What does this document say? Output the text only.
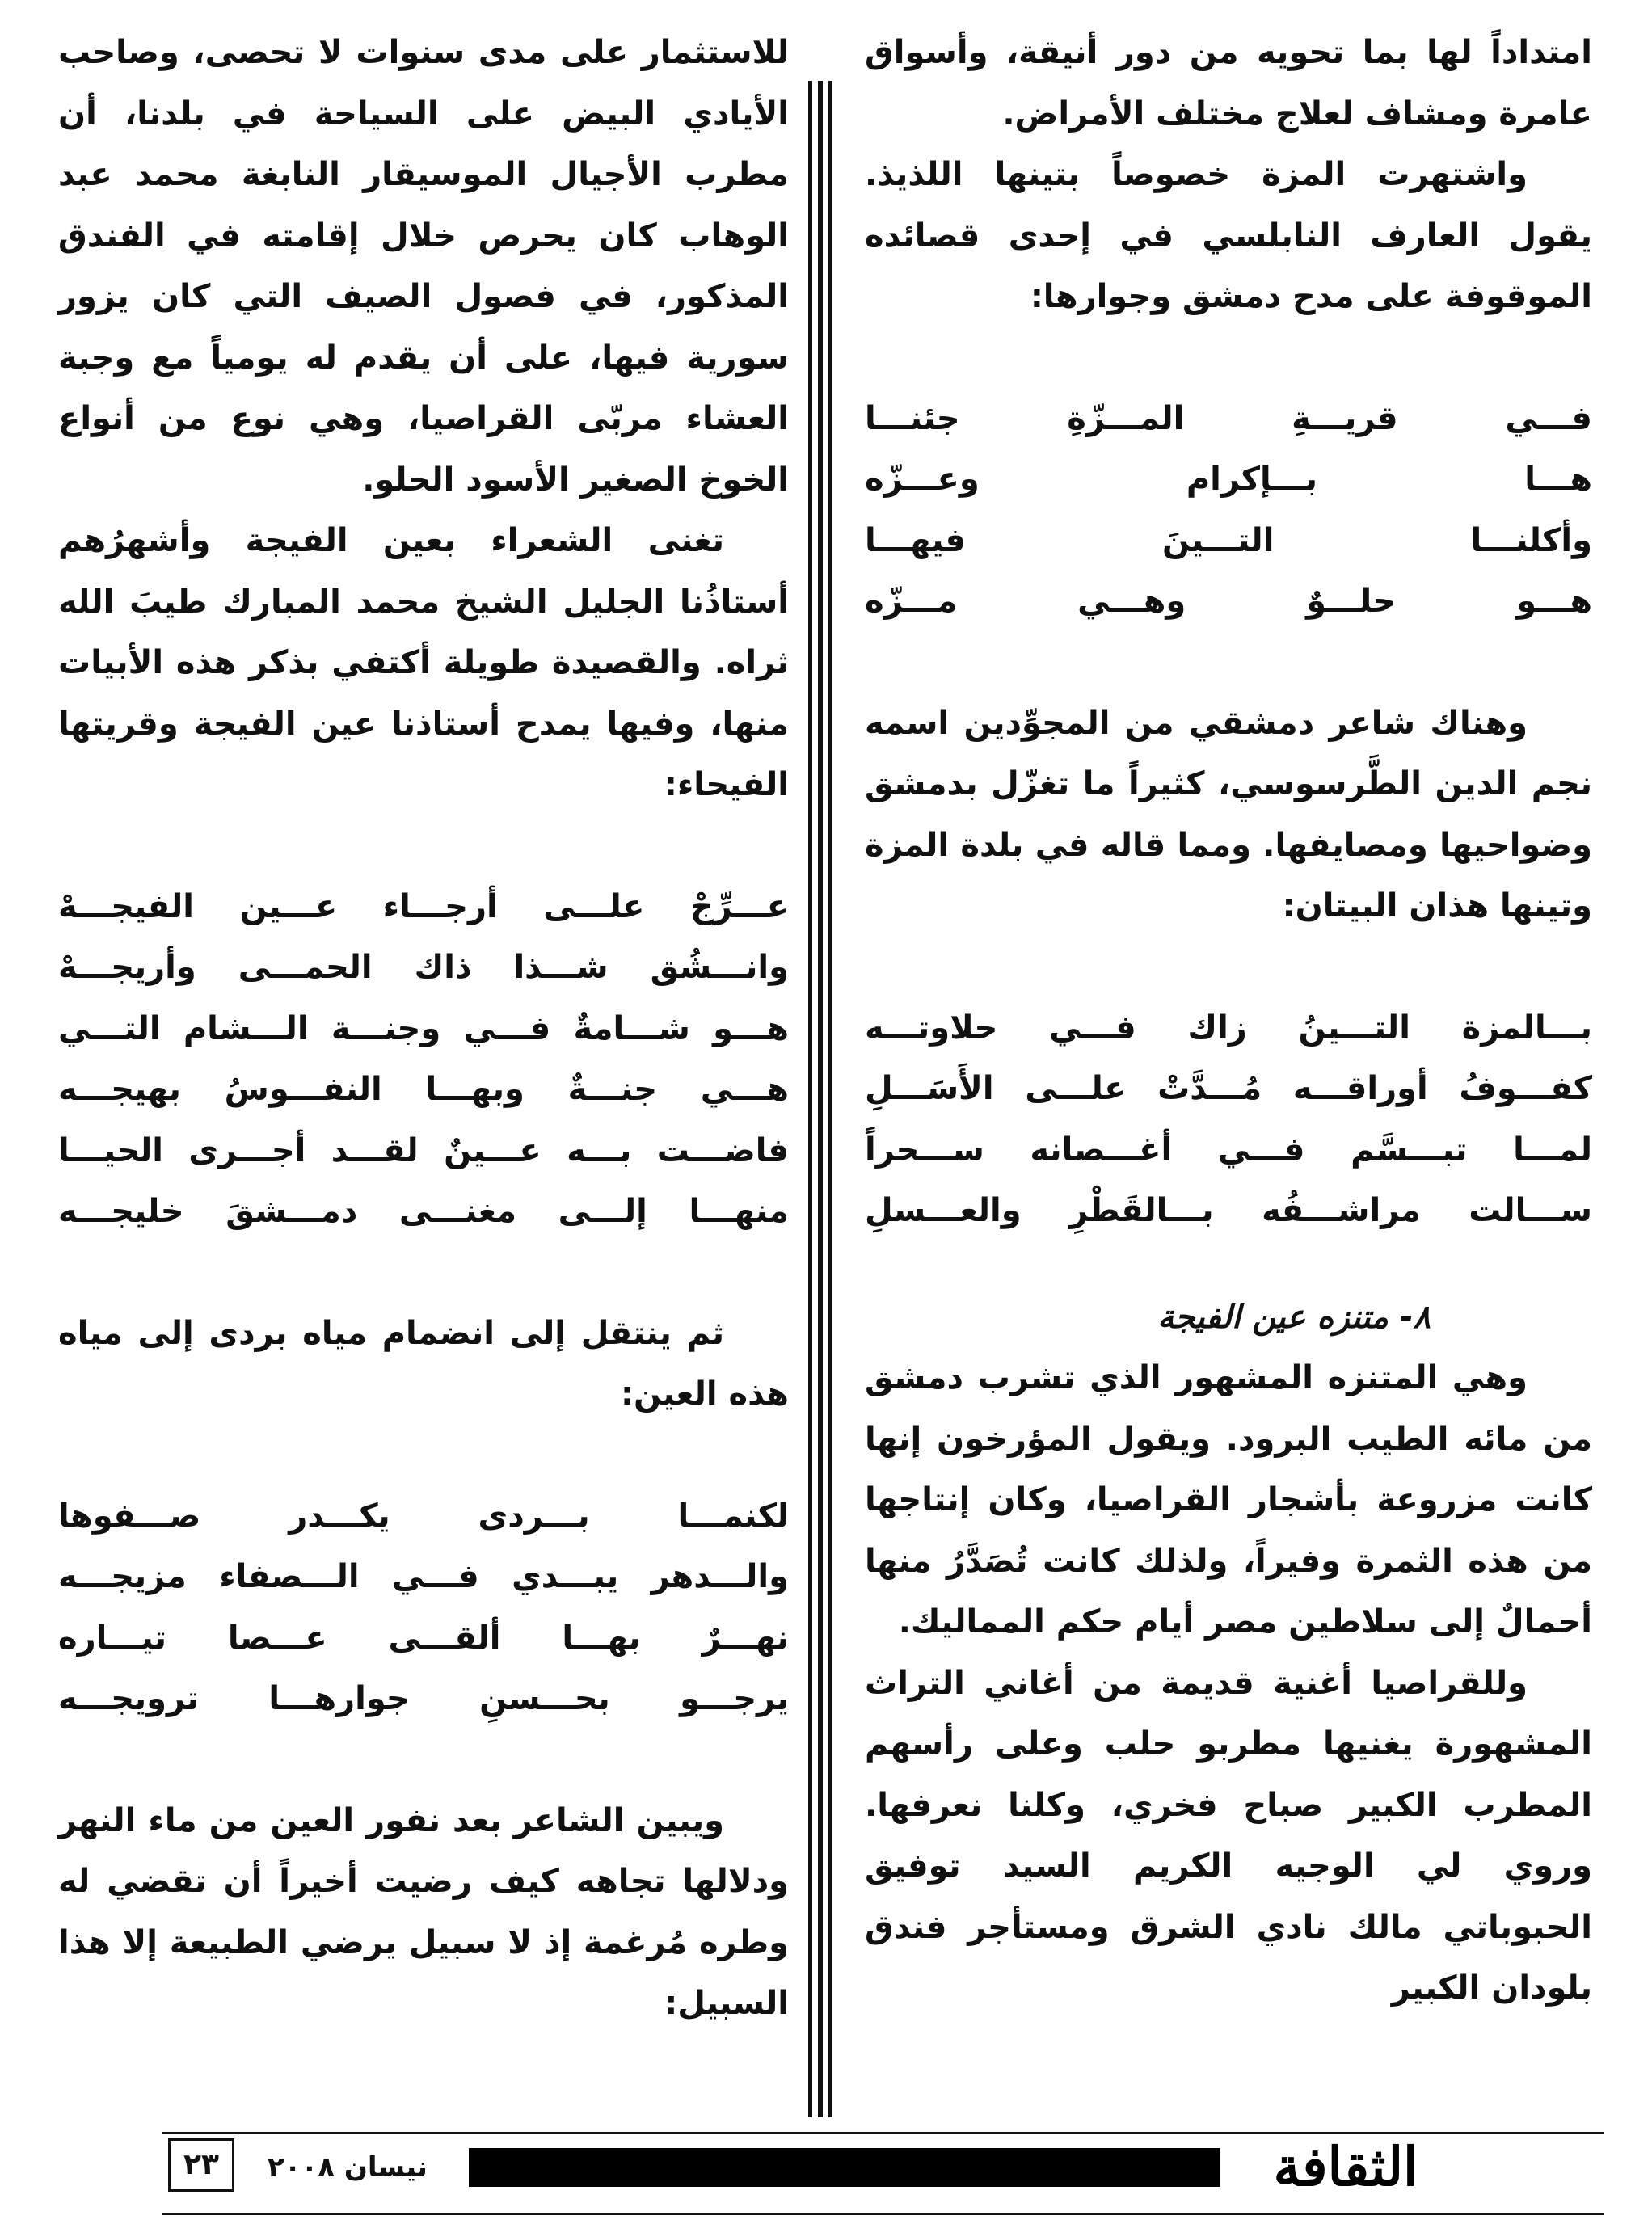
امتداداً لها بما تحويه من دور أنيقة، وأسواق عامرة ومشاف لعلاج مختلف الأمراض.

واشتهرت المزة خصوصاً بتينها اللذيذ. يقول العارف النابلسي في إحدى قصائده الموقوفة على مدح دمشق وجوارها:

فـــي قريـــةِ المـــزّةِ جئنـــا

هـــا بـــإكرام وعـــزّه

وأكلنـــا التـــينَ فيهـــا

هـــو حلـــوٌ وهـــي مـــزّه

وهناك شاعر دمشقي من المجوِّدين اسمه نجم الدين الطَّرسوسي، كثيراً ما تغزّل بدمشق وضواحيها ومصايفها. ومما قاله في بلدة المزة وتينها هذان البيتان:

بـــالمزة التـــينُ زاك فـــي حلاوتـــه

كفـــوفُ أوراقـــه مُـــدَّتْ علـــى الأَسَـــلِ

لمـــا تبـــسَّم فـــي أغـــصانه ســـحراً

ســـالت مراشـــفُه بـــالقَطْرِ والعـــسلِ

٨- متنزه عين الفيجة

وهي المتنزه المشهور الذي تشرب دمشق من مائه الطيب البرود. ويقول المؤرخون إنها كانت مزروعة بأشجار القراصيا، وكان إنتاجها من هذه الثمرة وفيراً، ولذلك كانت تُصَدَّرُ منها أحمالٌ إلى سلاطين مصر أيام حكم المماليك.

وللقراصيا أغنية قديمة من أغاني التراث المشهورة يغنيها مطربو حلب وعلى رأسهم المطرب الكبير صباح فخري، وكلنا نعرفها. وروي لي الوجيه الكريم السيد توفيق الحبوباتي مالك نادي الشرق ومستأجر فندق بلودان الكبير

للاستثمار على مدى سنوات لا تحصى، وصاحب الأيادي البيض على السياحة في بلدنا، أن مطرب الأجيال الموسيقار النابغة محمد عبد الوهاب كان يحرص خلال إقامته في الفندق المذكور، في فصول الصيف التي كان يزور سورية فيها، على أن يقدم له يومياً مع وجبة العشاء مربّى القراصيا، وهي نوع من أنواع الخوخ الصغير الأسود الحلو.

تغنى الشعراء بعين الفيجة وأشهرُهم أستاذُنا الجليل الشيخ محمد المبارك طيبَ الله ثراه. والقصيدة طويلة أكتفي بذكر هذه الأبيات منها، وفيها يمدح أستاذنا عين الفيجة وقريتها الفيحاء:

عـــرِّجْ علـــى أرجـــاء عـــين الفيجـــهْ

وانـــشُق شـــذا ذاك الحمـــى وأريجـــهْ

هـــو شـــامةٌ فـــي وجنـــة الـــشام التـــي

هـــي جنـــةٌ وبهـــا النفـــوسُ بهيجـــه

فاضـــت بـــه عـــينٌ لقـــد أجـــرى الحيـــا

منهـــا إلـــى مغنـــى دمـــشقَ خليجـــه

ثم ينتقل إلى انضمام مياه بردى إلى مياه هذه العين:

لكنمـــا بـــردى يكـــدر صـــفوها

والـــدهر يبـــدي فـــي الـــصفاء مزيجـــه

نهـــرٌ بهـــا ألقـــى عـــصا تيـــاره

يرجـــو بحـــسنِ جوارهـــا ترويجـــه

ويبين الشاعر بعد نفور العين من ماء النهر ودلالها تجاهه كيف رضيت أخيراً أن تقضي له وطره مُرغمة إذ لا سبيل يرضي الطبيعة إلا هذا السبيل:

الثقافة
نيسان ٢٠٠٨
٢٣
